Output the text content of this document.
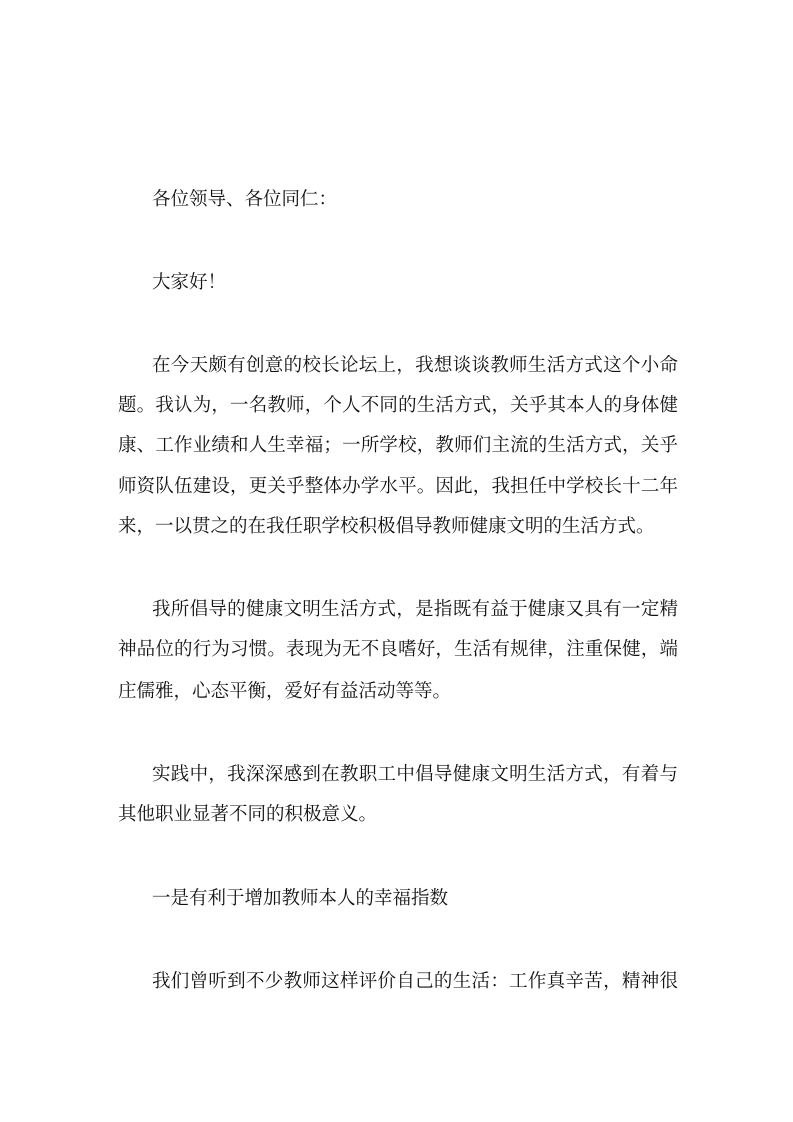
各位领导、各位同仁：
大家好！
在今天颇有创意的校长论坛上，我想谈谈教师生活方式这个小命
题。我认为，一名教师，个人不同的生活方式，关乎其本人的身体健
康、工作业绩和人生幸福；一所学校，教师们主流的生活方式，关乎
师资队伍建设，更关乎整体办学水平。因此，我担任中学校长十二年
来，一以贯之的在我任职学校积极倡导教师健康文明的生活方式。
我所倡导的健康文明生活方式，是指既有益于健康又具有一定精
神品位的行为习惯。表现为无不良嗜好，生活有规律，注重保健，端
庄儒雅，心态平衡，爱好有益活动等等。
实践中，我深深感到在教职工中倡导健康文明生活方式，有着与
其他职业显著不同的积极意义。
一是有利于增加教师本人的幸福指数
我们曾听到不少教师这样评价自己的生活：工作真辛苦，精神很
